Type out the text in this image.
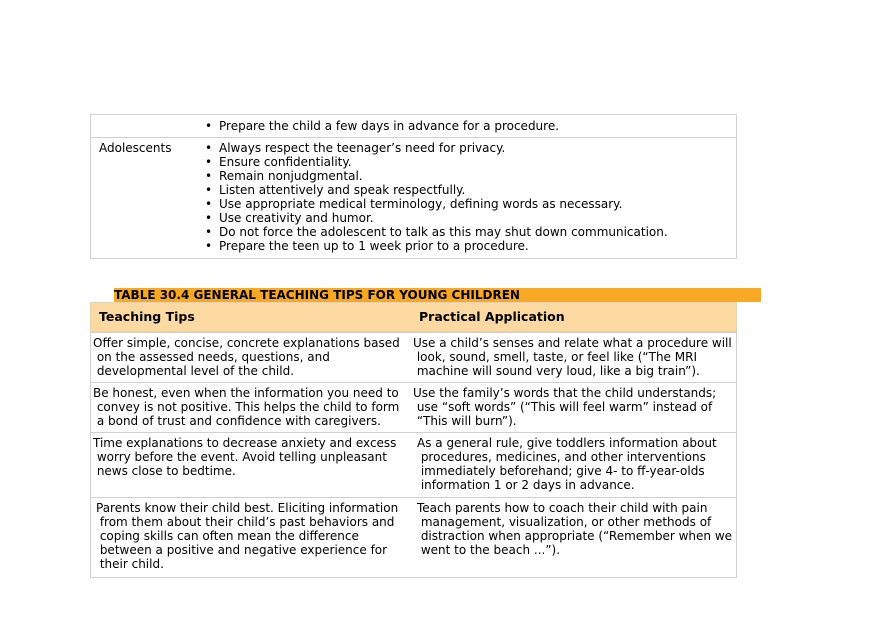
• Prepare the child a few days in advance for a procedure.
Adolescents	• Always respect the teenager’s need for privacy.
• Ensure confidentiality.
• Remain nonjudgmental.
• Listen attentively and speak respectfully.
• Use appropriate medical terminology, defining words as necessary.
• Use creativity and humor.
• Do not force the adolescent to talk as this may shut down communication.
• Prepare the teen up to 1 week prior to a procedure.
TABLE 30.4 GENERAL TEACHING TIPS FOR YOUNG CHILDREN
Teaching Tips	Practical Application
Offer simple, concise, concrete explanations based
on the assessed needs, questions, and
developmental level of the child.
Use a child’s senses and relate what a procedure will
look, sound, smell, taste, or feel like (“The MRI
machine will sound very loud, like a big train”).
Be honest, even when the information you need to
convey is not positive. This helps the child to form
a bond of trust and confidence with caregivers.
Use the family’s words that the child understands;
use “soft words” (“This will feel warm” instead of
“This will burn”).
Time explanations to decrease anxiety and excess
worry before the event. Avoid telling unpleasant
news close to bedtime.
As a general rule, give toddlers information about
procedures, medicines, and other interventions
immediately beforehand; give 4- to ff-year-olds
information 1 or 2 days in advance.
Parents know their child best. Eliciting information
from them about their child’s past behaviors and
coping skills can often mean the difference
between a positive and negative experience for
their child.
Teach parents how to coach their child with pain
management, visualization, or other methods of
distraction when appropriate (“Remember when we
went to the beach ...”).
